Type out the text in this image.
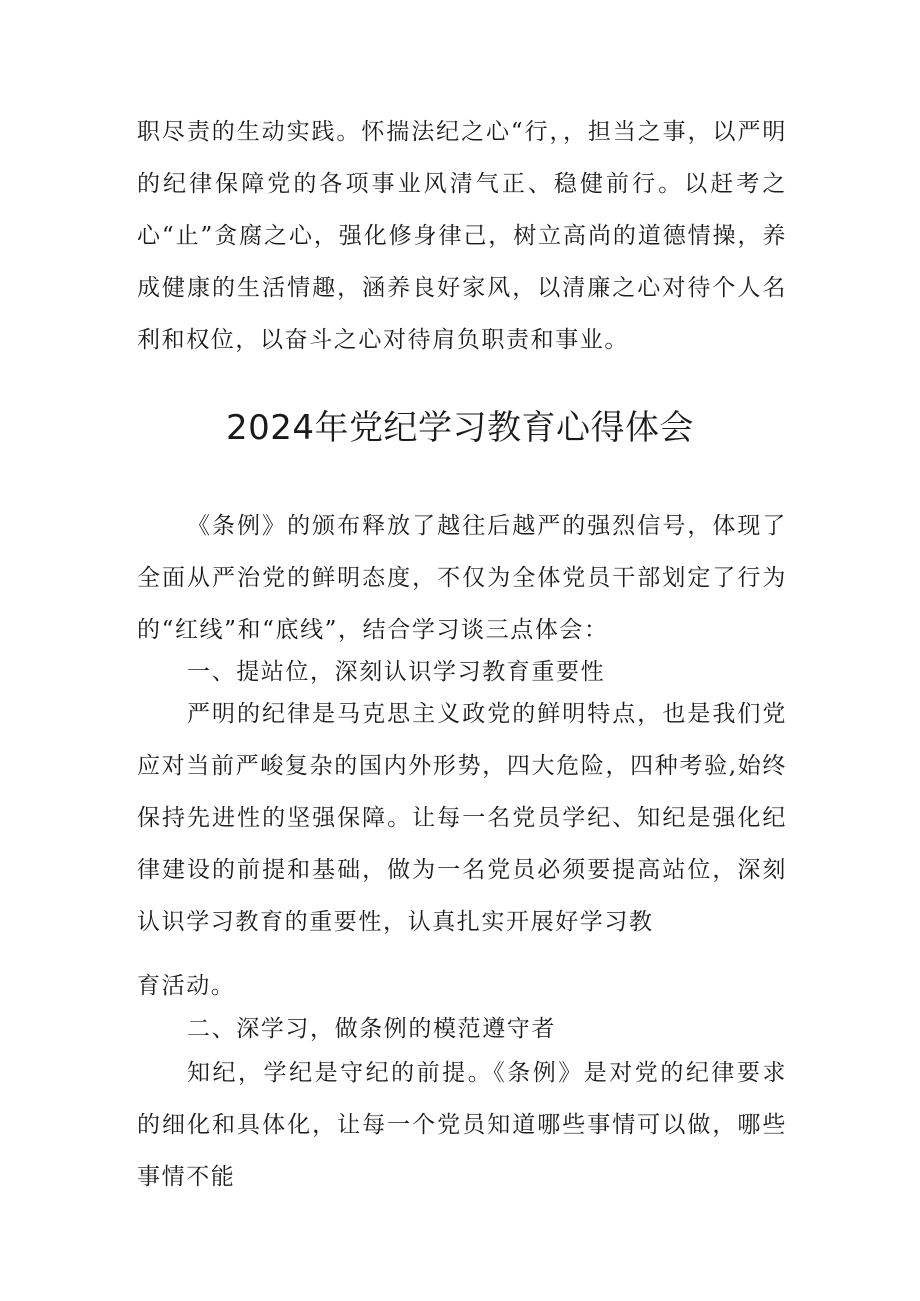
职尽责的生动实践。怀揣法纪之心“行，，担当之事，以严明的纪律保障党的各项事业风清气正、稳健前行。以赶考之心“止”贪腐之心，强化修身律己，树立高尚的道德情操，养成健康的生活情趣，涵养良好家风，以清廉之心对待个人名利和权位，以奋斗之心对待肩负职责和事业。

2024年党纪学习教育心得体会

《条例》的颁布释放了越往后越严的强烈信号，体现了全面从严治党的鲜明态度，不仅为全体党员干部划定了行为的“红线”和“底线”，结合学习谈三点体会：

一、提站位，深刻认识学习教育重要性

严明的纪律是马克思主义政党的鲜明特点，也是我们党应对当前严峻复杂的国内外形势，四大危险，四种考验,始终保持先进性的坚强保障。让每一名党员学纪、知纪是强化纪律建设的前提和基础，做为一名党员必须要提高站位，深刻认识学习教育的重要性，认真扎实开展好学习教

育活动。

二、深学习，做条例的模范遵守者

知纪，学纪是守纪的前提。《条例》是对党的纪律要求的细化和具体化，让每一个党员知道哪些事情可以做，哪些事情不能
